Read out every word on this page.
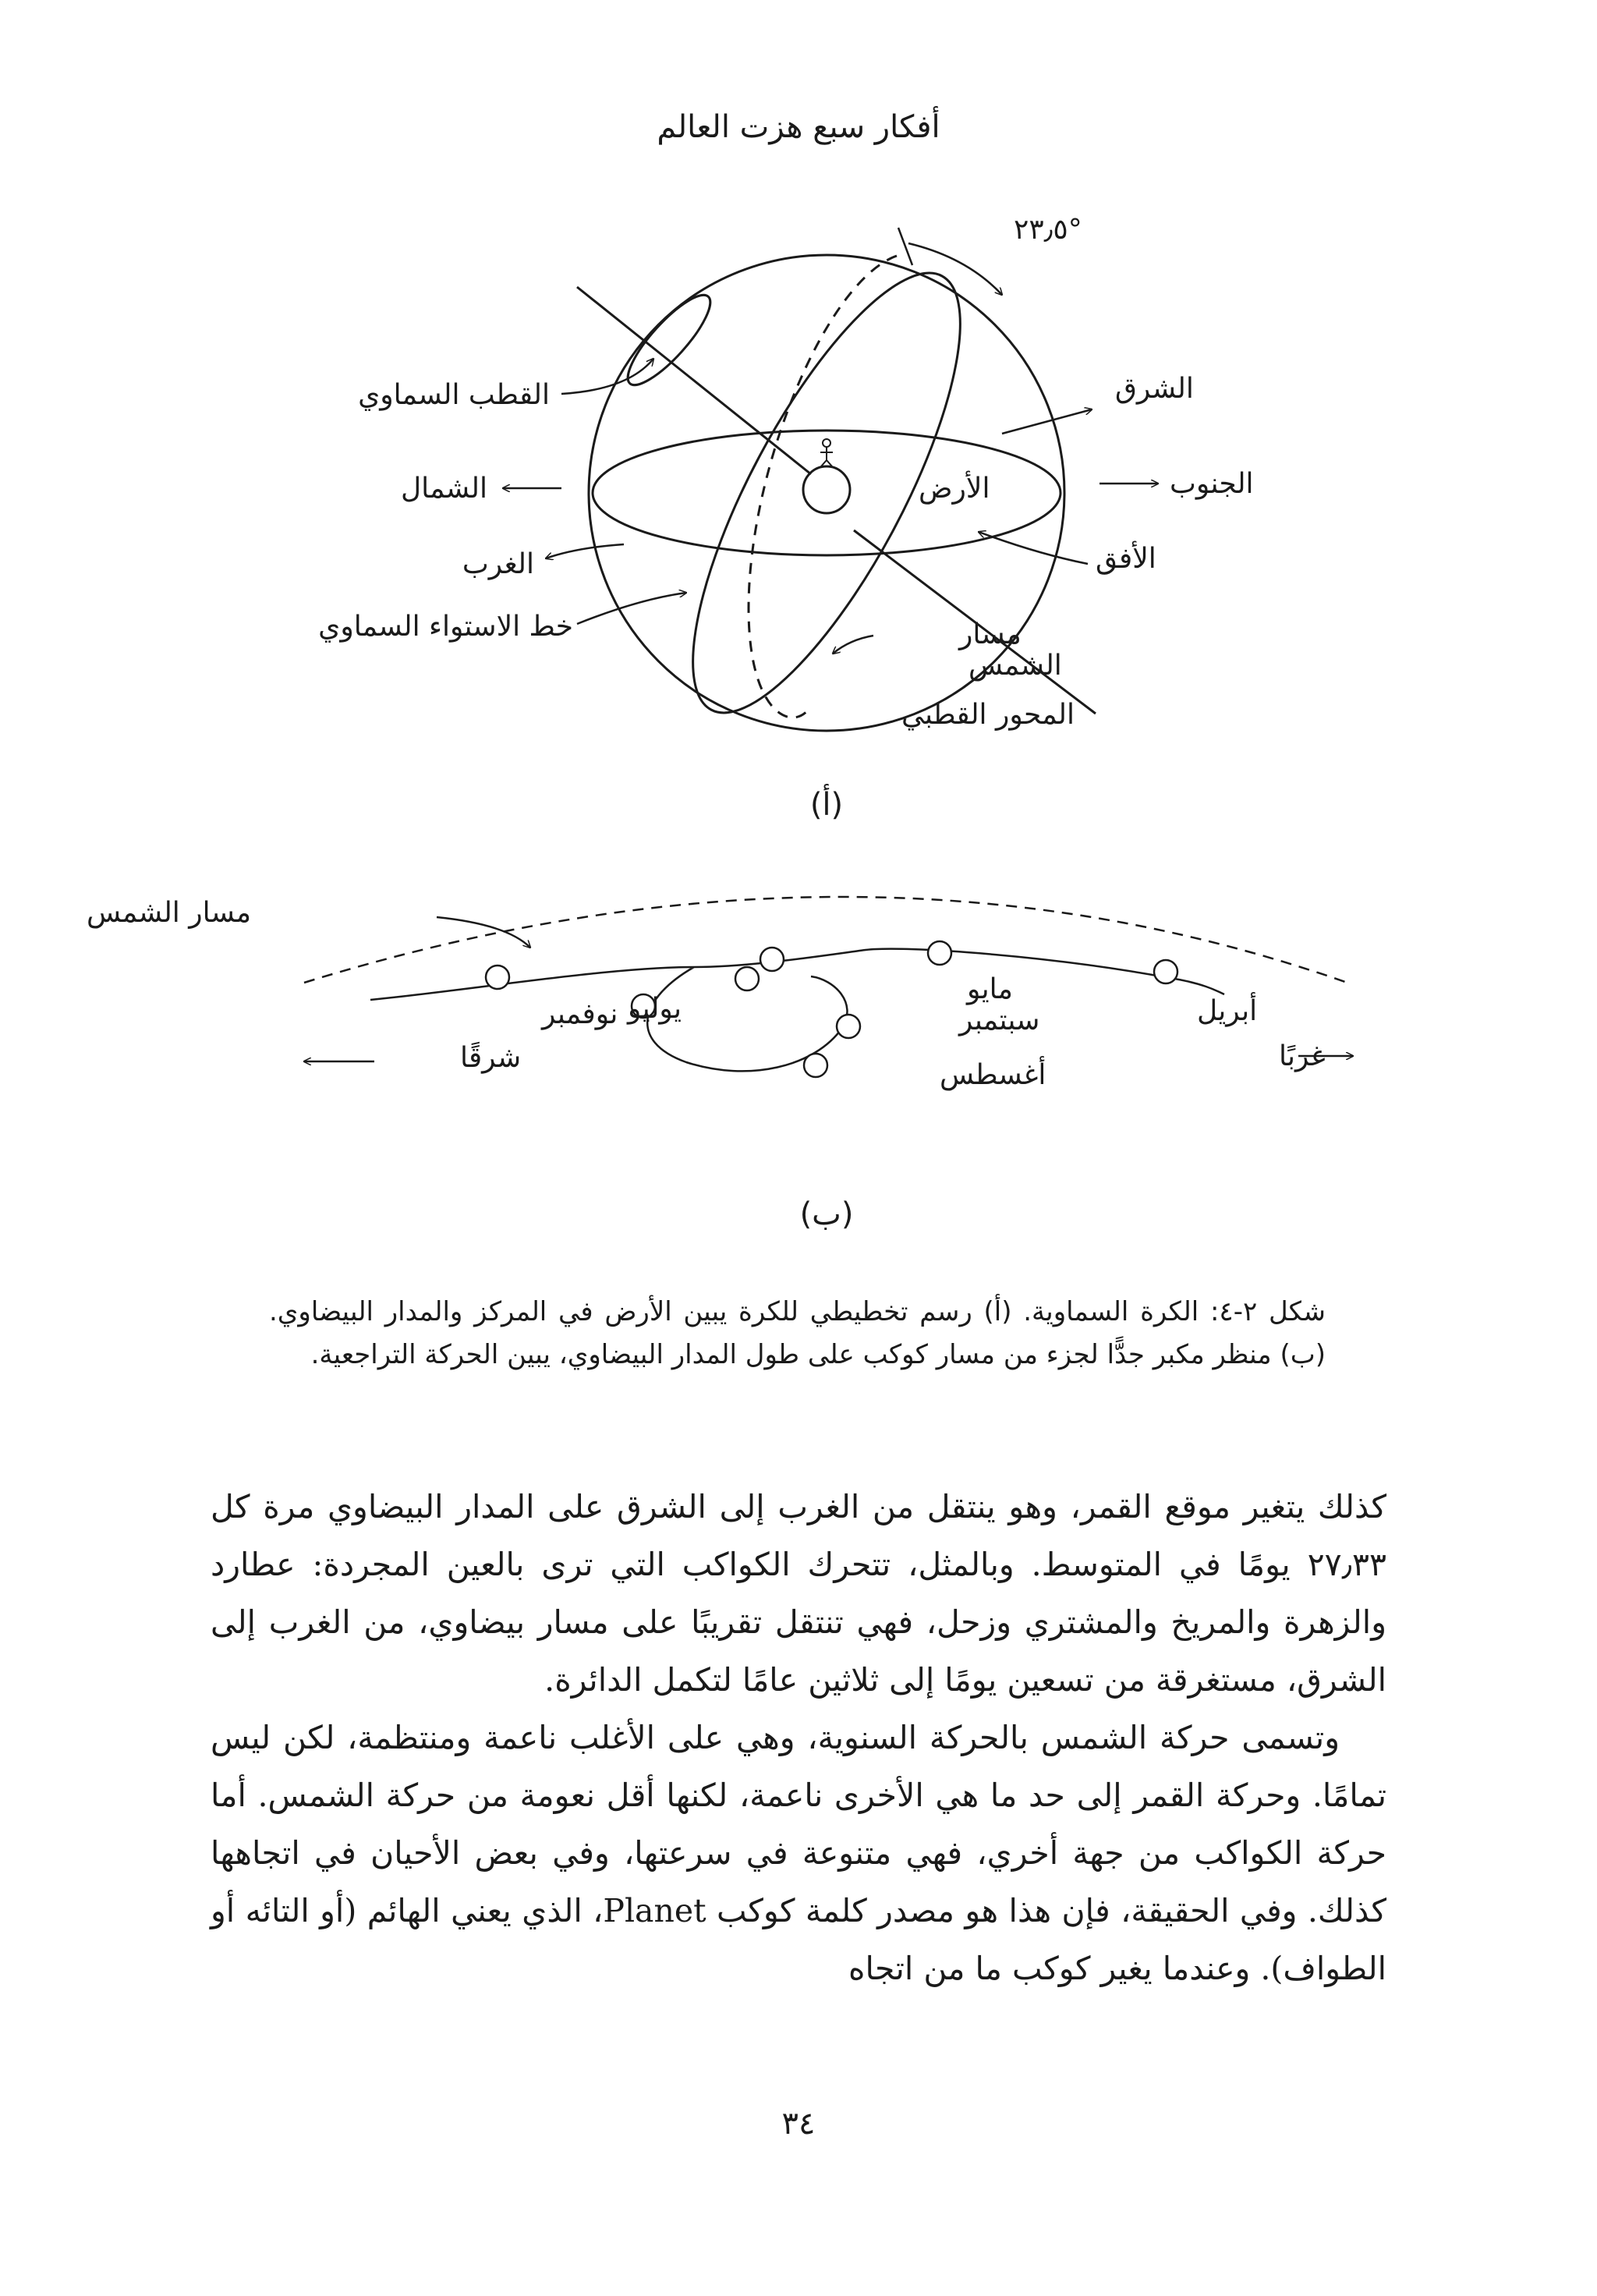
أفكار سبع هزت العالم
°٢٣٫٥
القطب السماوي
الشمال
الغرب
خط الاستواء السماوي
الشرق
الجنوب
الأفق
الأرض
مسار
الشمس
المحور القطبي
(أ)
مسار الشمس
أبريل
مايو
سبتمبر
أغسطس
يوليو
نوفمبر
غربًا
شرقًا
(ب)
شكل ٢-٤: الكرة السماوية. (أ) رسم تخطيطي للكرة يبين الأرض في المركز والمدار البيضاوي. (ب) منظر مكبر جدًّا لجزء من مسار كوكب على طول المدار البيضاوي، يبين الحركة التراجعية.

كذلك يتغير موقع القمر، وهو ينتقل من الغرب إلى الشرق على المدار البيضاوي مرة كل ٢٧٫٣٣ يومًا في المتوسط. وبالمثل، تتحرك الكواكب التي ترى بالعين المجردة: عطارد والزهرة والمريخ والمشتري وزحل، فهي تنتقل تقريبًا على مسار بيضاوي، من الغرب إلى الشرق، مستغرقة من تسعين يومًا إلى ثلاثين عامًا لتكمل الدائرة.

وتسمى حركة الشمس بالحركة السنوية، وهي على الأغلب ناعمة ومنتظمة، لكن ليس تمامًا. وحركة القمر إلى حد ما هي الأخرى ناعمة، لكنها أقل نعومة من حركة الشمس. أما حركة الكواكب من جهة أخري، فهي متنوعة في سرعتها، وفي بعض الأحيان في اتجاهها كذلك. وفي الحقيقة، فإن هذا هو مصدر كلمة كوكب Planet، الذي يعني الهائم (أو التائه أو الطواف). وعندما يغير كوكب ما من اتجاه

٣٤
